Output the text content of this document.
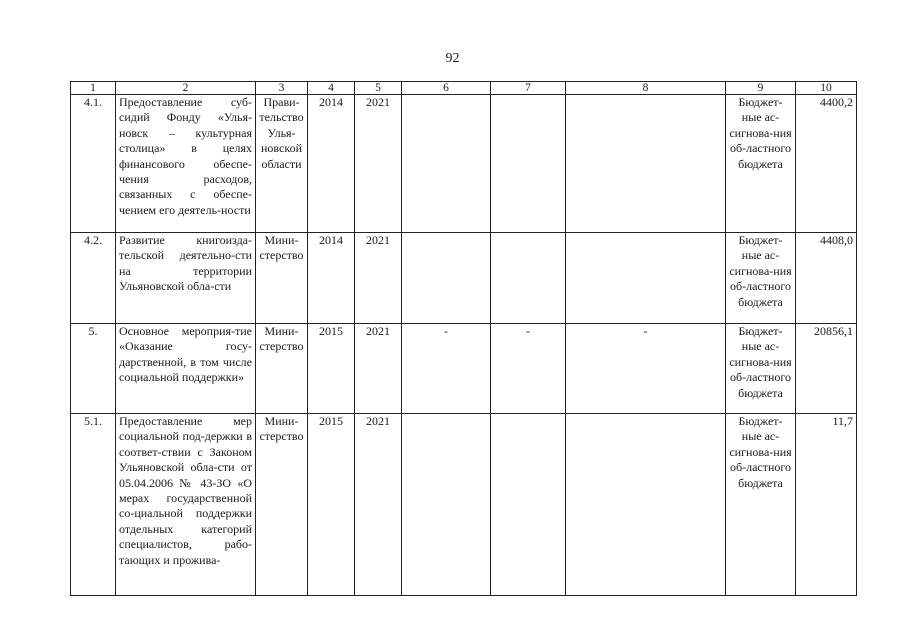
92
1	2	3	4	5	6	7	8	9	10
4.1.	Предоставление суб-сидий Фонду «Улья-новск – культурная столица» в целях финансового обеспе-чения расходов, связанных с обеспе-чением его деятель-ности	Прави-тельство Улья-новской области	2014	2021				Бюджет-ные ас-сигнова-ния об-ластного бюджета	4400,2
4.2.	Развитие книгоизда-тельской деятельно-сти на территории Ульяновской обла-сти	Мини-стерство	2014	2021				Бюджет-ные ас-сигнова-ния об-ластного бюджета	4408,0
5.	Основное мероприя-тие «Оказание госу-дарственной, в том числе социальной поддержки»	Мини-стерство	2015	2021	-	-	-	Бюджет-ные ас-сигнова-ния об-ластного бюджета	20856,1
5.1.	Предоставление мер социальной под-держки в соответ-ствии с Законом Ульяновской обла-сти от 05.04.2006 № 43-ЗО «О мерах государственной со-циальной поддержки отдельных категорий специалистов, рабо-тающих и прожива-	Мини-стерство	2015	2021				Бюджет-ные ас-сигнова-ния об-ластного бюджета	11,7
